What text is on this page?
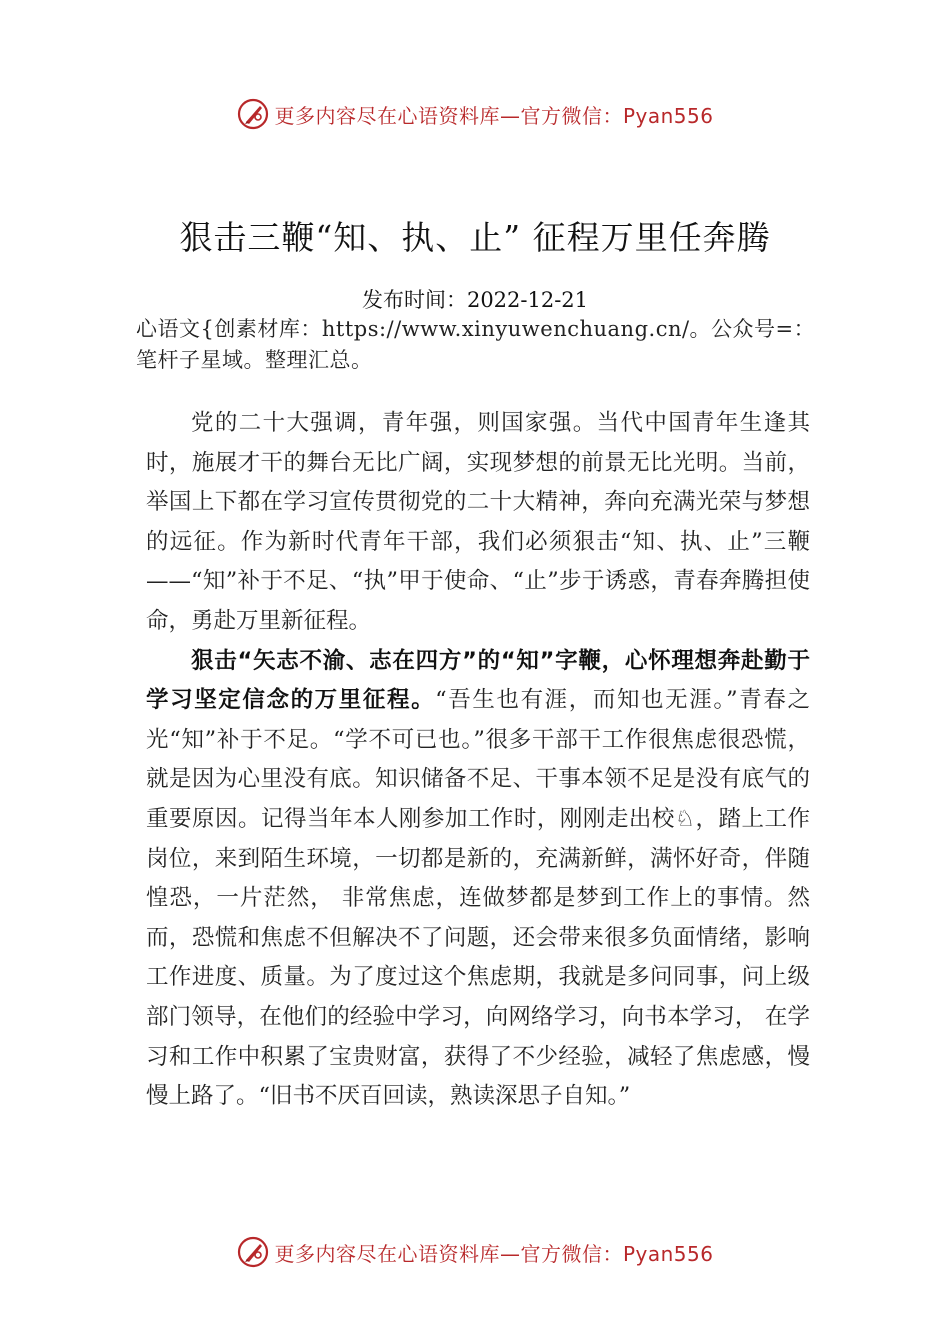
更多内容尽在心语资料库—官方微信：Pyan556
狠击三鞭“知、执、止” 征程万里任奔腾
发布时间：2022-12-21
心语文{创素材库：https://www.xinyuwenchuang.cn/。公众号=：笔杆子星域。整理汇总。

党的二十大强调，青年强，则国家强。当代中国青年生逢其时，施展才干的舞台无比广阔，实现梦想的前景无比光明。当前，举国上下都在学习宣传贯彻党的二十大精神，奔向充满光荣与梦想的远征。作为新时代青年干部，我们必须狠击“知、执、止”三鞭——“知”补于不足、“执”甲于使命、“止”步于诱惑，青春奔腾担使命，勇赴万里新征程。

狠击“矢志不渝、志在四方”的“知”字鞭，心怀理想奔赴勤于学习坚定信念的万里征程。“吾生也有涯，而知也无涯。”青春之光“知”补于不足。“学不可已也。”很多干部干工作很焦虑很恐慌，就是因为心里没有底。知识储备不足、干事本领不足是没有底气的重要原因。记得当年本人刚参加工作时，刚刚走出校♘，踏上工作岗位，来到陌生环境，一切都是新的，充满新鲜，满怀好奇，伴随惶恐，一片茫然， 非常焦虑，连做梦都是梦到工作上的事情。然而，恐慌和焦虑不但解决不了问题，还会带来很多负面情绪，影响工作进度、质量。为了度过这个焦虑期，我就是多问同事，问上级部门领导，在他们的经验中学习，向网络学习，向书本学习， 在学习和工作中积累了宝贵财富，获得了不少经验，减轻了焦虑感，慢慢上路了。“旧书不厌百回读，熟读深思子自知。”

更多内容尽在心语资料库—官方微信：Pyan556
